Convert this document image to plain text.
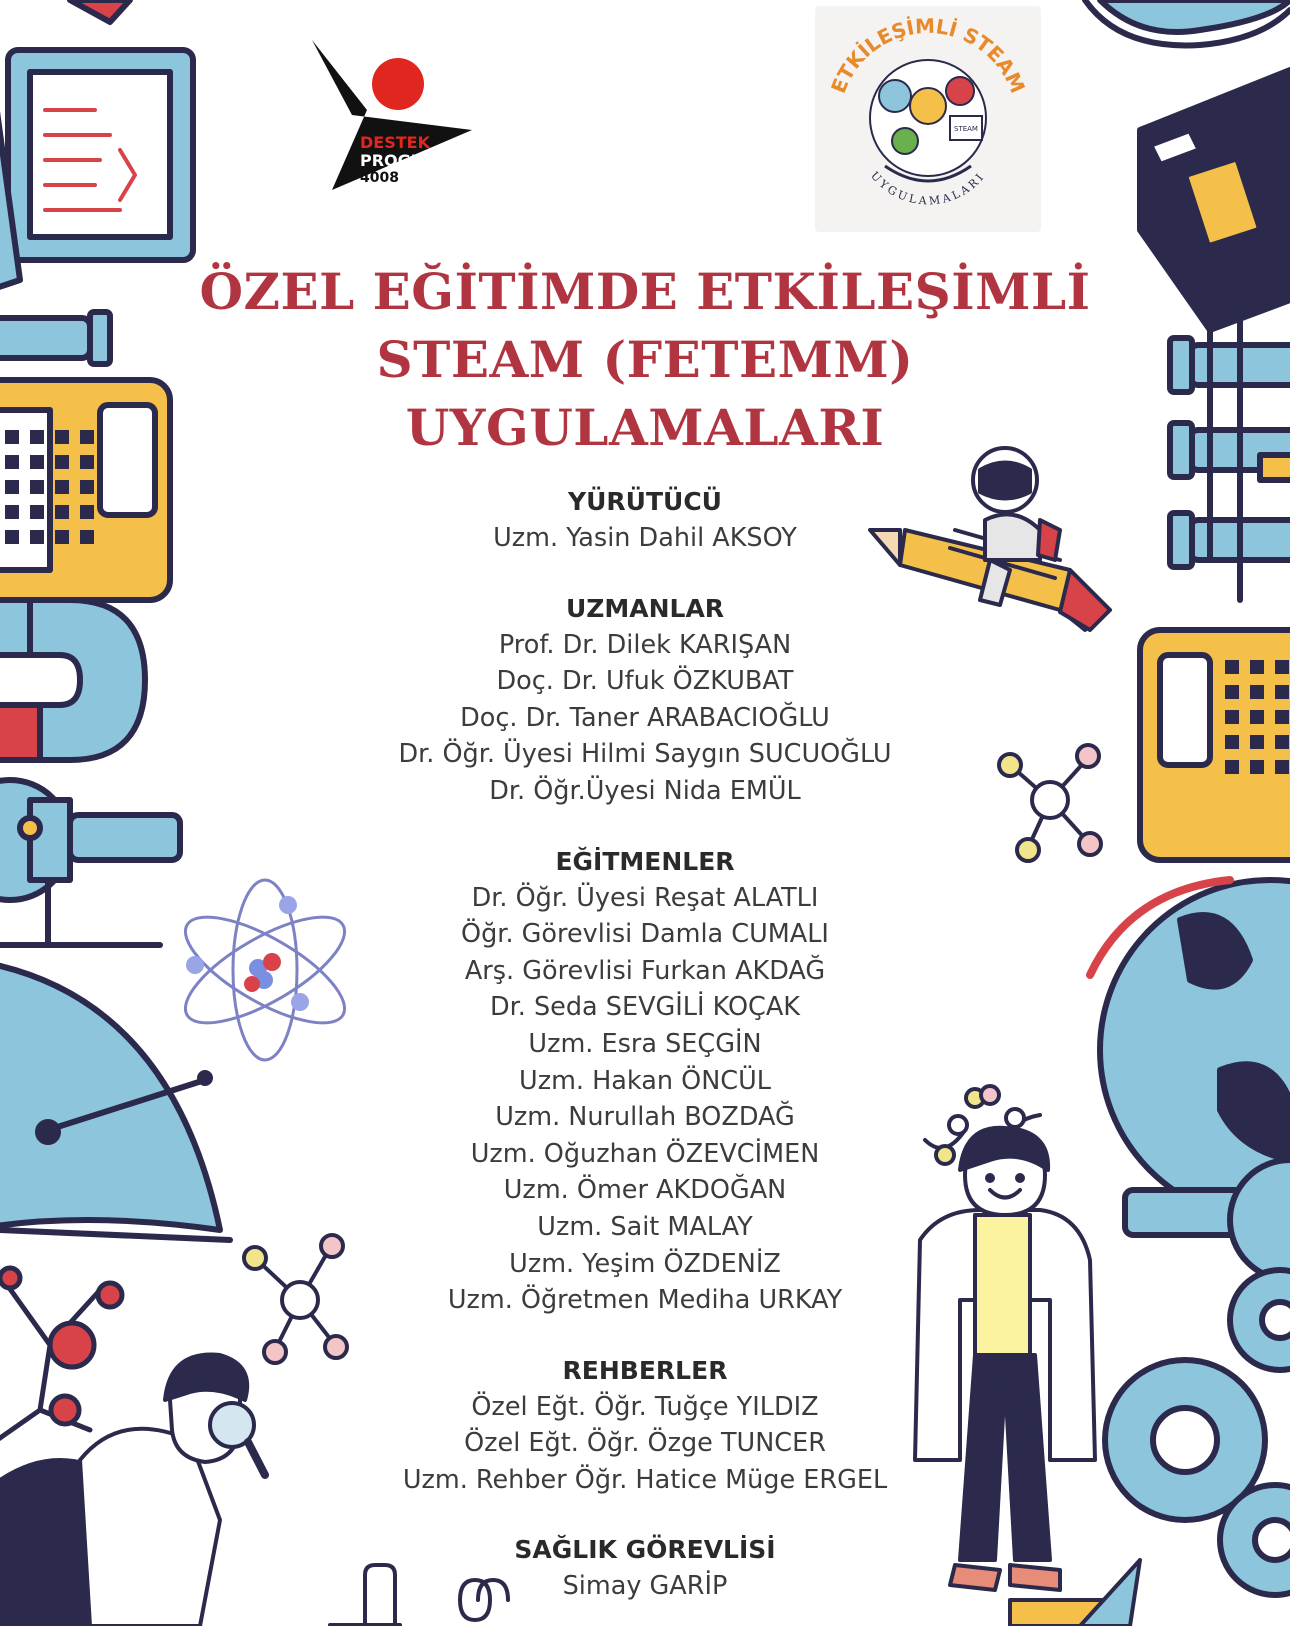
DESTEK
PROGRAMLARI
4008
ETKİLEŞİMLİ STEAM
UYGULAMALARI
STEAM
ÖZEL EĞİTİMDE ETKİLEŞİMLİ
STEAM (FETEMM)
UYGULAMALARI
YÜRÜTÜCÜ
Uzm. Yasin Dahil AKSOY
UZMANLAR
Prof. Dr. Dilek KARIŞAN
Doç. Dr. Ufuk ÖZKUBAT
Doç. Dr. Taner ARABACIOĞLU
Dr. Öğr. Üyesi Hilmi Saygın SUCUOĞLU
Dr. Öğr.Üyesi Nida EMÜL
EĞİTMENLER
Dr. Öğr. Üyesi Reşat ALATLI
Öğr. Görevlisi Damla CUMALI
Arş. Görevlisi Furkan AKDAĞ
Dr. Seda SEVGİLİ KOÇAK
Uzm. Esra SEÇGİN
Uzm. Hakan ÖNCÜL
Uzm. Nurullah BOZDAĞ
Uzm. Oğuzhan ÖZEVCİMEN
Uzm. Ömer AKDOĞAN
Uzm. Sait MALAY
Uzm. Yeşim ÖZDENİZ
Uzm. Öğretmen Mediha URKAY
REHBERLER
Özel Eğt. Öğr. Tuğçe YILDIZ
Özel Eğt. Öğr. Özge TUNCER
Uzm. Rehber Öğr. Hatice Müge ERGEL
SAĞLIK GÖREVLİSİ
Simay GARİP
